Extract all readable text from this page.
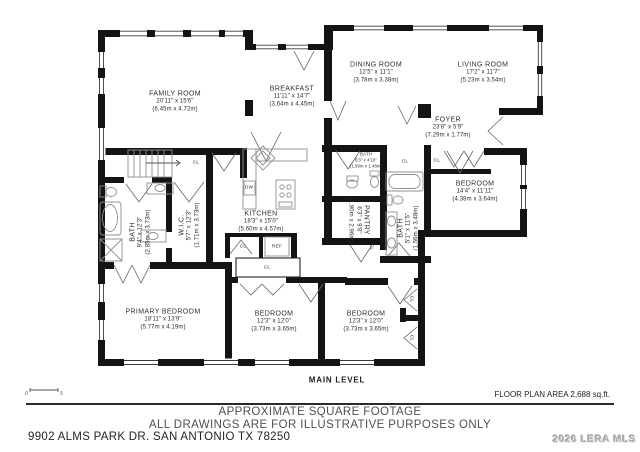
FAMILY ROOM
20'11" x 15'6"
(6.45m x 4.72m)
BREAKFAST
11'11" x 14'7"
(3.64m x 4.45m)
DINING ROOM
12'5" x 11'1"
(3.78m x 3.38m)
LIVING ROOM
17'2" x 11'7"
(5.23m x 3.54m)
FOYER
23'8" x 5'9"
(7.29m x 1.77m)
BEDROOM
14'4" x 11'11"
(4.38m x 3.64m)
KITCHEN
18'3" x 15'0"
(5.60m x 4.57m)
BATH
6'3" x 4'10"
(1.90m x 1.48m)
PANTRY
6'3" x 9'8"
(1.90m x 2.96m)	BATH 5'1" x 11'5" (1.56m x 3.48m)
BATH 9'4" x 12'3" (2.85m x 3.73m)	W.I.C. 5'7" x 12'3" (1.71m x 3.73m)
PRIMARY BEDROOM
18'11" x 13'9"
(5.77m x 4.19m)
BEDROOM
12'3" x 12'0"
(3.73m x 3.65m)
BEDROOM
12'3" x 12'0"
(3.73m x 3.65m)
CL	CL
CL
DW
CL	REF	CL
CL
CL
CL
MAIN LEVEL
0	5	FLOOR PLAN AREA 2,688 sq.ft.
APPROXIMATE SQUARE FOOTAGE
ALL DRAWINGS ARE FOR ILLUSTRATIVE PURPOSES ONLY
9902 ALMS PARK DR. SAN ANTONIO TX 78250	2026 LERA MLS
